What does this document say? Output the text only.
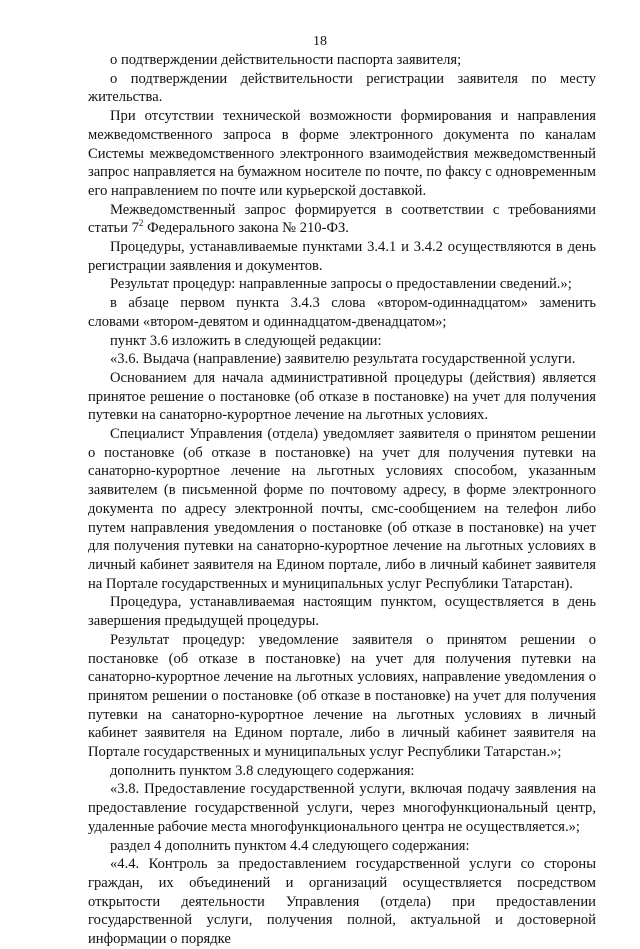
18

о подтверждении действительности паспорта заявителя;

о подтверждении действительности регистрации заявителя по месту жительства.

При отсутствии технической возможности формирования и направления межведомственного запроса в форме электронного документа по каналам Системы межведомственного электронного взаимодействия межведомственный запрос направляется на бумажном носителе по почте, по факсу с одновременным его направлением по почте или курьерской доставкой.

Межведомственный запрос формируется в соответствии с требованиями статьи $7^2$ Федерального закона № 210-ФЗ.

Процедуры, устанавливаемые пунктами 3.4.1 и 3.4.2 осуществляются в день регистрации заявления и документов.

Результат процедур: направленные запросы о предоставлении сведений.»;

в абзаце первом пункта 3.4.3 слова «втором-одиннадцатом» заменить словами «втором-девятом и одиннадцатом-двенадцатом»;

пункт 3.6 изложить в следующей редакции:

«3.6. Выдача (направление) заявителю результата государственной услуги.

Основанием для начала административной процедуры (действия) является принятое решение о постановке (об отказе в постановке) на учет для получения путевки на санаторно-курортное лечение на льготных условиях.

Специалист Управления (отдела) уведомляет заявителя о принятом решении о постановке (об отказе в постановке) на учет для получения путевки на санаторно-курортное лечение на льготных условиях способом, указанным заявителем (в письменной форме по почтовому адресу, в форме электронного документа по адресу электронной почты, смс-сообщением на телефон либо путем направления уведомления о постановке (об отказе в постановке) на учет для получения путевки на санаторно-курортное лечение на льготных условиях в личный кабинет заявителя на Едином портале, либо в личный кабинет заявителя на Портале государственных и муниципальных услуг Республики Татарстан).

Процедура, устанавливаемая настоящим пунктом, осуществляется в день завершения предыдущей процедуры.

Результат процедур: уведомление заявителя о принятом решении о постановке (об отказе в постановке) на учет для получения путевки на санаторно-курортное лечение на льготных условиях, направление уведомления о принятом решении о постановке (об отказе в постановке) на учет для получения путевки на санаторно-курортное лечение на льготных условиях в личный кабинет заявителя на Едином портале, либо в личный кабинет заявителя на Портале государственных и муниципальных услуг Республики Татарстан.»;

дополнить пунктом 3.8 следующего содержания:

«3.8. Предоставление государственной услуги, включая подачу заявления на предоставление государственной услуги, через многофункциональный центр, удаленные рабочие места многофункционального центра не осуществляется.»;

раздел 4 дополнить пунктом 4.4 следующего содержания:

«4.4. Контроль за предоставлением государственной услуги со стороны граждан, их объединений и организаций осуществляется посредством открытости деятельности Управления (отдела) при предоставлении государственной услуги, получения полной, актуальной и достоверной информации о порядке
